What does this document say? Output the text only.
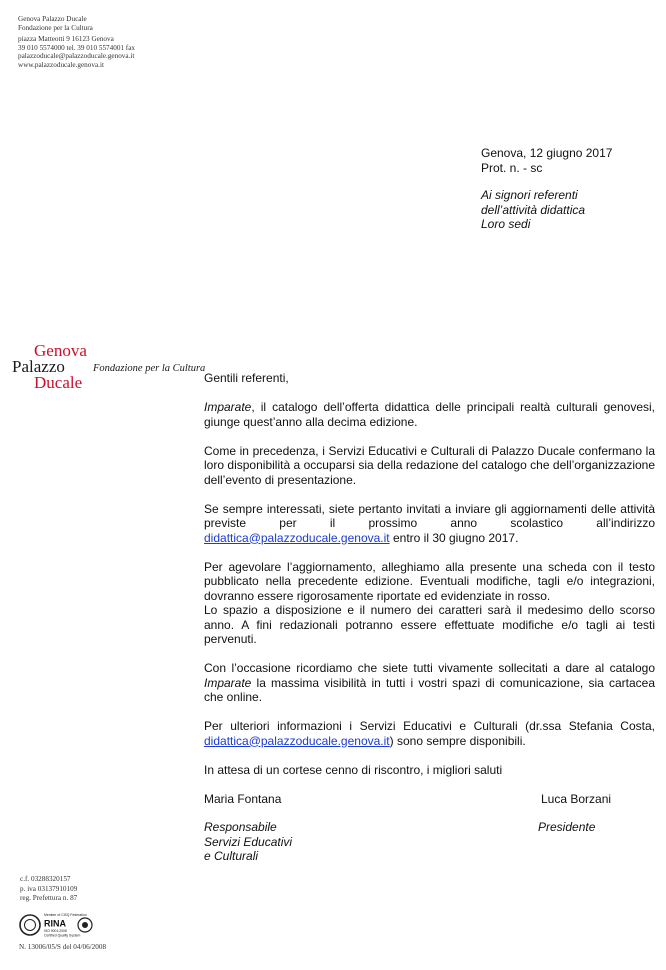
Genova Palazzo Ducale
Fondazione per la Cultura
piazza Matteotti 9 16123 Genova
39 010 5574000 tel. 39 010 5574001 fax
palazzoducale@palazzoducale.genova.it
www.palazzoducale.genova.it
Genova, 12 giugno 2017
Prot. n. - sc
Ai signori referenti
dell’attività didattica
Loro sedi
Genova
Palazzo
Ducale
Fondazione per la Cultura

Gentili referenti,

Imparate, il catalogo dell’offerta didattica delle principali realtà culturali genovesi, giunge quest’anno alla decima edizione.

Come in precedenza, i Servizi Educativi e Culturali di Palazzo Ducale confermano la loro disponibilità a occuparsi sia della redazione del catalogo che dell’organizzazione dell’evento di presentazione.

Se sempre interessati, siete pertanto invitati a inviare gli aggiornamenti delle attività previste per il prossimo anno scolastico all’indirizzo didattica@palazzoducale.genova.it entro il 30 giugno 2017.

Per agevolare l’aggiornamento, alleghiamo alla presente una scheda con il testo pubblicato nella precedente edizione. Eventuali modifiche, tagli e/o integrazioni, dovranno essere rigorosamente riportate ed evidenziate in rosso.

Lo spazio a disposizione e il numero dei caratteri sarà il medesimo dello scorso anno. A fini redazionali potranno essere effettuate modifiche e/o tagli ai testi pervenuti.

Con l’occasione ricordiamo che siete tutti vivamente sollecitati a dare al catalogo Imparate la massima visibilità in tutti i vostri spazi di comunicazione, sia cartacea che online.

Per ulteriori informazioni i Servizi Educativi e Culturali (dr.ssa Stefania Costa, didattica@palazzoducale.genova.it) sono sempre disponibili.

In attesa di un cortese cenno di riscontro, i migliori saluti

Maria Fontana	Luca Borzani
Responsabile
Servizi Educativi
e Culturali
Presidente
c.f. 03288320157
p. iva 03137910109
reg. Prefettura n. 87
Member of CISQ Federation
RINA
ISO 9001:2008
Certified Quality System
N. 13006/05/S del 04/06/2008
